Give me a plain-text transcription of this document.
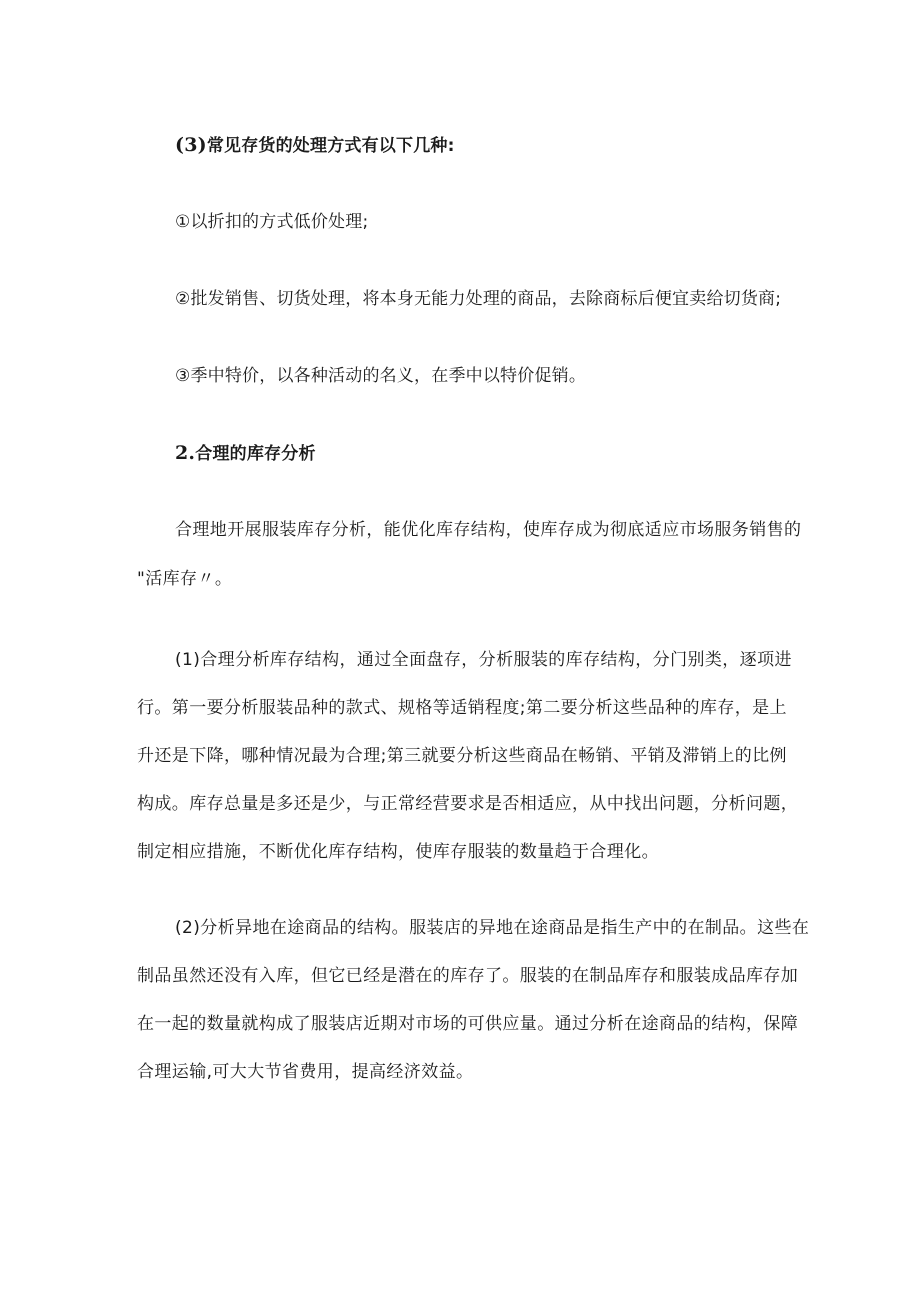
(3)常见存货的处理方式有以下几种:
①以折扣的方式低价处理;
②批发销售、切货处理，将本身无能力处理的商品，去除商标后便宜卖给切货商;
③季中特价，以各种活动的名义，在季中以特价促销。
2.合理的库存分析
合理地开展服装库存分析，能优化库存结构，使库存成为彻底适应市场服务销售的
"活库存〃。
(1)合理分析库存结构，通过全面盘存，分析服装的库存结构，分门别类，逐项进
行。第一要分析服装品种的款式、规格等适销程度;第二要分析这些品种的库存，是上
升还是下降，哪种情况最为合理;第三就要分析这些商品在畅销、平销及滞销上的比例
构成。库存总量是多还是少，与正常经营要求是否相适应，从中找出问题，分析问题，
制定相应措施，不断优化库存结构，使库存服装的数量趋于合理化。
(2)分析异地在途商品的结构。服装店的异地在途商品是指生产中的在制品。这些在
制品虽然还没有入库，但它已经是潜在的库存了。服装的在制品库存和服装成品库存加
在一起的数量就构成了服装店近期对市场的可供应量。通过分析在途商品的结构，保障
合理运输,可大大节省费用，提高经济效益。
